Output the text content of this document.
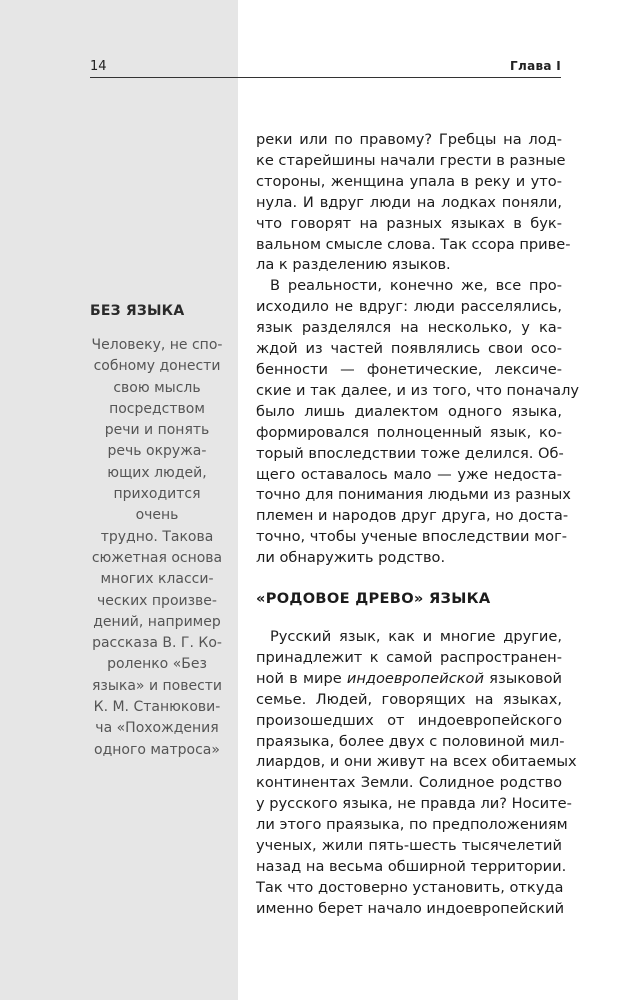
14	Глава I
БЕЗ ЯЗЫКА
Человеку, не спо-
собному донести
свою мысль
посредством
речи и понять
речь окружа-
ющих людей,
приходится очень
трудно. Такова
сюжетная основа
многих класси-
ческих произве-
дений, например
рассказа В. Г. Ко-
роленко «Без
языка» и повести
К. М. Станюкови-
ча «Похождения
одного матроса»
реки или по правому? Гребцы на лод-
ке старейшины начали грести в разные
стороны, женщина упала в реку и уто-
нула. И вдруг люди на лодках поняли,
что говорят на разных языках в бук-
вальном смысле слова. Так ссора приве-
ла к разделению языков.
В реальности, конечно же, все про-
исходило не вдруг: люди расселялись,
язык разделялся на несколько, у ка-
ждой из частей появлялись свои осо-
бенности — фонетические, лексиче-
ские и так далее, и из того, что поначалу
было лишь диалектом одного языка,
формировался полноценный язык, ко-
торый впоследствии тоже делился. Об-
щего оставалось мало — уже недоста-
точно для понимания людьми из разных
племен и народов друг друга, но доста-
точно, чтобы ученые впоследствии мог-
ли обнаружить родство.
«РОДОВОЕ ДРЕВО» ЯЗЫКА
Русский язык, как и многие другие,
принадлежит к самой распространен-
ной в мире индоевропейской языковой
семье. Людей, говорящих на языках,
произошедших от индоевропейского
праязыка, более двух с половиной мил-
лиардов, и они живут на всех обитаемых
континентах Земли. Солидное родство
у русского языка, не правда ли? Носите-
ли этого праязыка, по предположениям
ученых, жили пять-шесть тысячелетий
назад на весьма обширной территории.
Так что достоверно установить, откуда
именно берет начало индоевропейский
